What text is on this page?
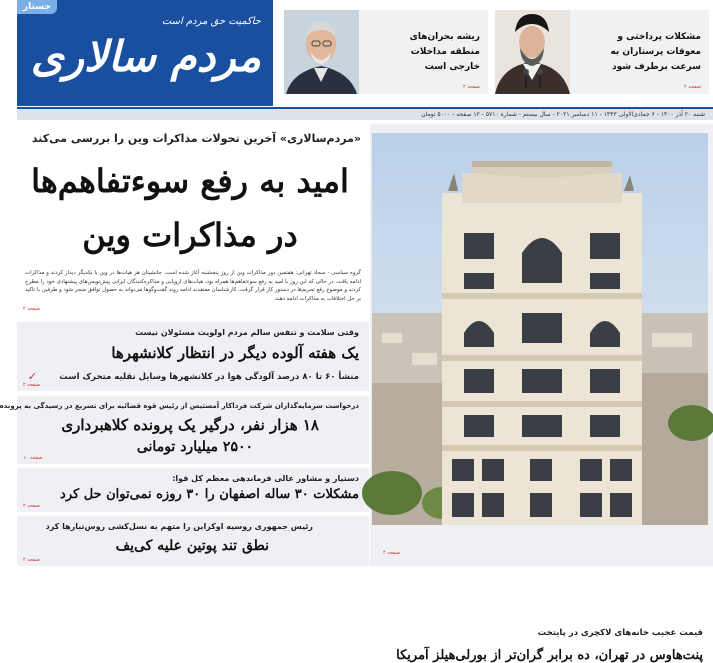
جستار
حاکمیت حق مردم است
مردم سالاری	ریشه بحران‌های منطقه مداخلات خارجی است
صفحه ۲
مشکلات پرداختی و معوقات پرستاران به سرعت برطرف شود
صفحه ۲
شنبه ۲۰ آذر ۱۴۰۰ - ۶ جمادی‌الاولی ۱۴۴۳ - ۱۱ دسامبر ۲۰۲۱ - سال بیستم - شماره ۵۷۱۰ - ۱۲ صفحه - ۵۰۰۰ تومان
«مردم‌سالاری» آخرین تحولات مذاکرات وین را بررسی می‌کند
امید به رفع سوءتفاهم‌ها
در مذاکرات وین
گروه سیاسی - سجاد تهرانی: هفتمین دور مذاکرات وین از روز پنجشنبه آغاز شده است. جانشینان هر هیات‌ها در وین با یکدیگر دیدار کردند و مذاکرات ادامه یافت. در حالی که این روز با امید به رفع سوءتفاهم‌ها همراه بود، هیات‌های اروپایی و مذاکره‌کنندگان ایرانی پیش‌نویس‌های پیشنهادی خود را مطرح کردند و موضوع رفع تحریم‌ها در دستور کار قرار گرفت. کارشناسان معتقدند ادامه روند گفت‌وگوها می‌تواند به حصول توافق منجر شود و طرفین با تاکید بر حل اختلافات به مذاکرات ادامه دهند.
صفحه ۲
وقتی سلامت و تنفس سالم مردم اولویت مسئولان نیست
یک هفته آلوده دیگر در انتظار کلانشهرها
منشأ ۶۰ تا ۸۰ درصد آلودگی هوا در کلانشهرها وسایل نقلیه متحرک است
✓
صفحه ۲
درخواست سرمایه‌گذاران شرکت فرداکار آمستیس از رئیس قوه قضائیه برای تسریع در رسیدگی به پرونده
۱۸ هزار نفر، درگیر یک پرونده کلاهبرداری
۲۵۰۰ میلیارد تومانی
صفحه ۱۰
دستیار و مشاور عالی فرماندهی معظم کل قوا:
مشکلات ۳۰ ساله اصفهان را ۳۰ روزه نمی‌توان حل کرد
صفحه ۲
رئیس جمهوری روسیه اوکراین را متهم به نسل‌کشی روس‌تبارها کرد
نطق تند پوتین علیه کی‌یف
صفحه ۲
قیمت عجیب خانه‌های لاکچری در پایتخت
پنت‌هاوس در تهران، ده برابر گران‌تر از بورلی‌هیلز آمریکا
صفحه ۴
